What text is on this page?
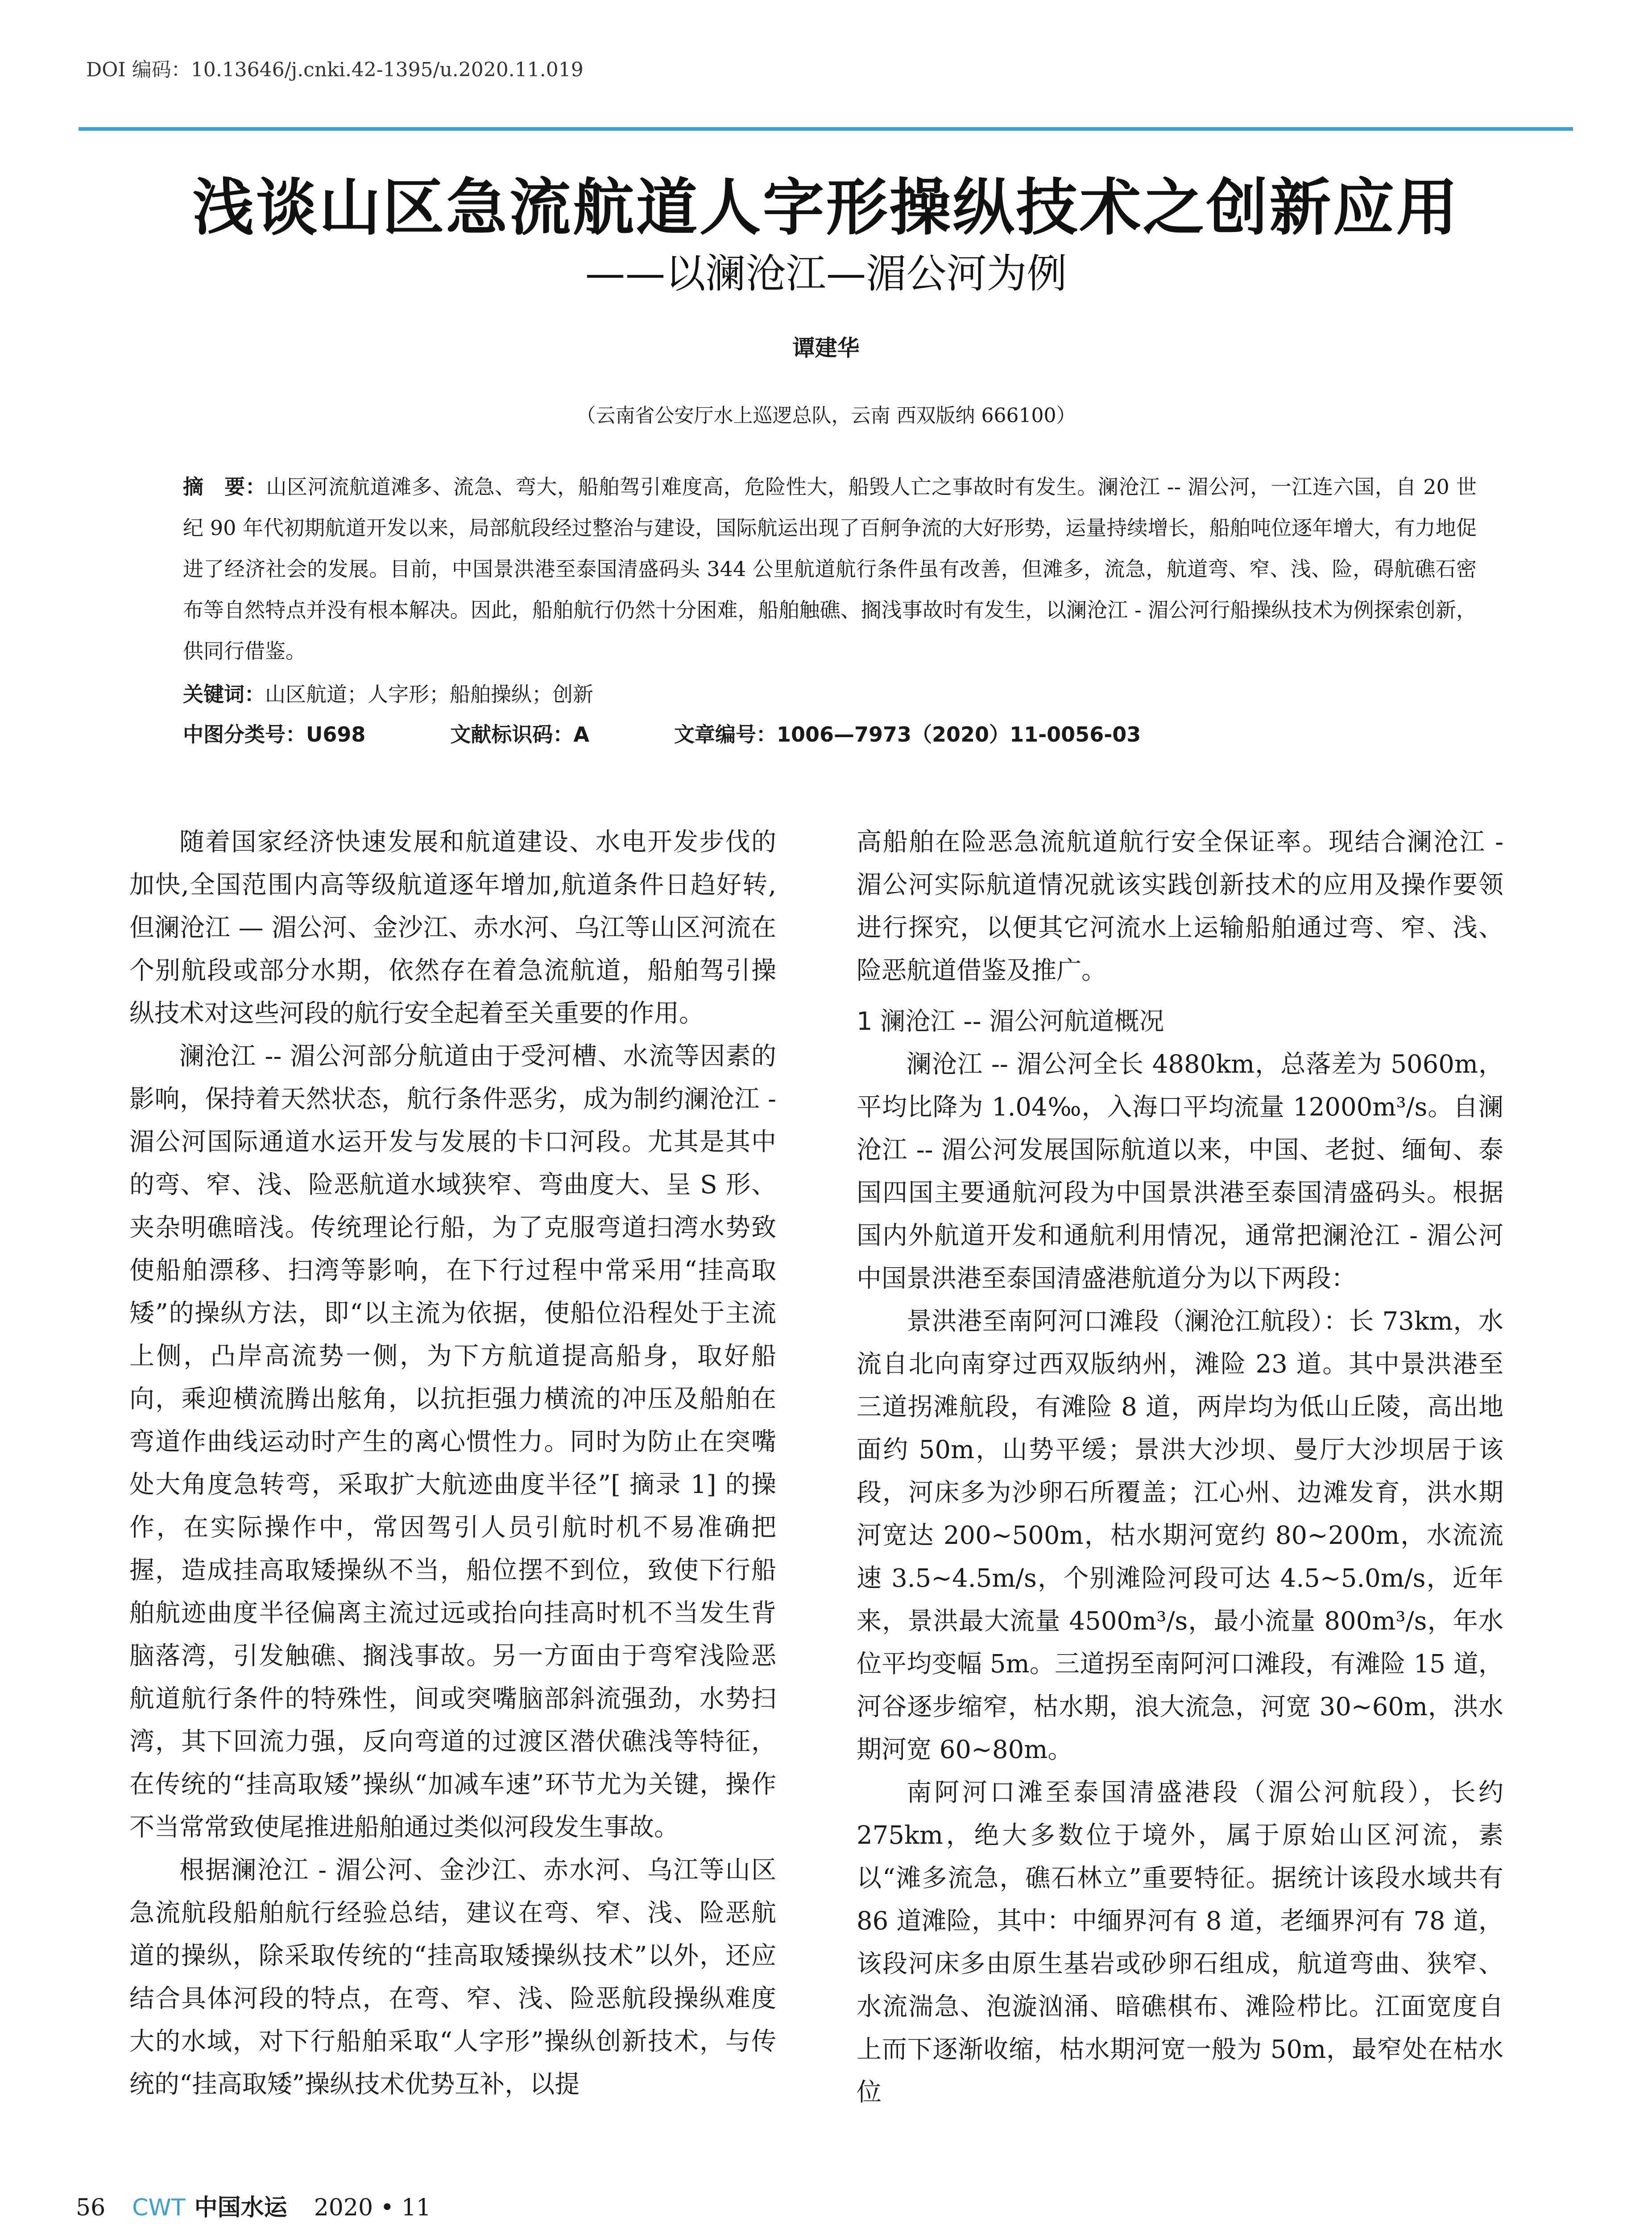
DOI 编码：10.13646/j.cnki.42-1395/u.2020.11.019
浅谈山区急流航道人字形操纵技术之创新应用
——以澜沧江—湄公河为例
谭建华
（云南省公安厅水上巡逻总队，云南 西双版纳 666100）
摘　要：山区河流航道滩多、流急、弯大，船舶驾引难度高，危险性大，船毁人亡之事故时有发生。澜沧江 -- 湄公河，一江连六国，自 20 世纪 90 年代初期航道开发以来，局部航段经过整治与建设，国际航运出现了百舸争流的大好形势，运量持续增长，船舶吨位逐年增大，有力地促进了经济社会的发展。目前，中国景洪港至泰国清盛码头 344 公里航道航行条件虽有改善，但滩多，流急，航道弯、窄、浅、险，碍航礁石密布等自然特点并没有根本解决。因此，船舶航行仍然十分困难，船舶触礁、搁浅事故时有发生，以澜沧江 - 湄公河行船操纵技术为例探索创新，供同行借鉴。
关键词：山区航道；人字形；船舶操纵；创新
中图分类号：U698	文献标识码：A	文章编号：1006—7973（2020）11-0056-03

随着国家经济快速发展和航道建设、水电开发步伐的加快,全国范围内高等级航道逐年增加,航道条件日趋好转,但澜沧江 — 湄公河、金沙江、赤水河、乌江等山区河流在个别航段或部分水期，依然存在着急流航道，船舶驾引操纵技术对这些河段的航行安全起着至关重要的作用。

澜沧江 -- 湄公河部分航道由于受河槽、水流等因素的影响，保持着天然状态，航行条件恶劣，成为制约澜沧江 - 湄公河国际通道水运开发与发展的卡口河段。尤其是其中的弯、窄、浅、险恶航道水域狭窄、弯曲度大、呈 S 形、夹杂明礁暗浅。传统理论行船，为了克服弯道扫湾水势致使船舶漂移、扫湾等影响，在下行过程中常采用“挂高取矮”的操纵方法，即“以主流为依据，使船位沿程处于主流上侧，凸岸高流势一侧，为下方航道提高船身，取好船向，乘迎横流腾出舷角，以抗拒强力横流的冲压及船舶在弯道作曲线运动时产生的离心惯性力。同时为防止在突嘴处大角度急转弯，采取扩大航迹曲度半径”[ 摘录 1] 的操作，在实际操作中，常因驾引人员引航时机不易准确把握，造成挂高取矮操纵不当，船位摆不到位，致使下行船舶航迹曲度半径偏离主流过远或抬向挂高时机不当发生背脑落湾，引发触礁、搁浅事故。另一方面由于弯窄浅险恶航道航行条件的特殊性，间或突嘴脑部斜流强劲，水势扫湾，其下回流力强，反向弯道的过渡区潜伏礁浅等特征，在传统的“挂高取矮”操纵“加减车速”环节尤为关键，操作不当常常致使尾推进船舶通过类似河段发生事故。

根据澜沧江 - 湄公河、金沙江、赤水河、乌江等山区急流航段船舶航行经验总结，建议在弯、窄、浅、险恶航道的操纵，除采取传统的“挂高取矮操纵技术”以外，还应结合具体河段的特点，在弯、窄、浅、险恶航段操纵难度大的水域，对下行船舶采取“人字形”操纵创新技术，与传统的“挂高取矮”操纵技术优势互补，以提

高船舶在险恶急流航道航行安全保证率。现结合澜沧江 - 湄公河实际航道情况就该实践创新技术的应用及操作要领进行探究，以便其它河流水上运输船舶通过弯、窄、浅、险恶航道借鉴及推广。

1 澜沧江 -- 湄公河航道概况

澜沧江 -- 湄公河全长 4880km，总落差为 5060m，平均比降为 1.04‰，入海口平均流量 12000m³/s。自澜沧江 -- 湄公河发展国际航道以来，中国、老挝、缅甸、泰国四国主要通航河段为中国景洪港至泰国清盛码头。根据国内外航道开发和通航利用情况，通常把澜沧江 - 湄公河中国景洪港至泰国清盛港航道分为以下两段：

景洪港至南阿河口滩段（澜沧江航段）：长 73km，水流自北向南穿过西双版纳州，滩险 23 道。其中景洪港至三道拐滩航段，有滩险 8 道，两岸均为低山丘陵，高出地面约 50m，山势平缓；景洪大沙坝、曼厅大沙坝居于该段，河床多为沙卵石所覆盖；江心州、边滩发育，洪水期河宽达 200~500m，枯水期河宽约 80~200m，水流流速 3.5~4.5m/s，个别滩险河段可达 4.5~5.0m/s，近年来，景洪最大流量 4500m³/s，最小流量 800m³/s，年水位平均变幅 5m。三道拐至南阿河口滩段，有滩险 15 道，河谷逐步缩窄，枯水期，浪大流急，河宽 30~60m，洪水期河宽 60~80m。

南阿河口滩至泰国清盛港段（湄公河航段），长约 275km，绝大多数位于境外，属于原始山区河流，素以“滩多流急，礁石林立”重要特征。据统计该段水域共有 86 道滩险，其中：中缅界河有 8 道，老缅界河有 78 道，该段河床多由原生基岩或砂卵石组成，航道弯曲、狭窄、水流湍急、泡漩汹涌、暗礁棋布、滩险栉比。江面宽度自上而下逐渐收缩，枯水期河宽一般为 50m，最窄处在枯水位

56 CWT 中国水运 2020 • 11
